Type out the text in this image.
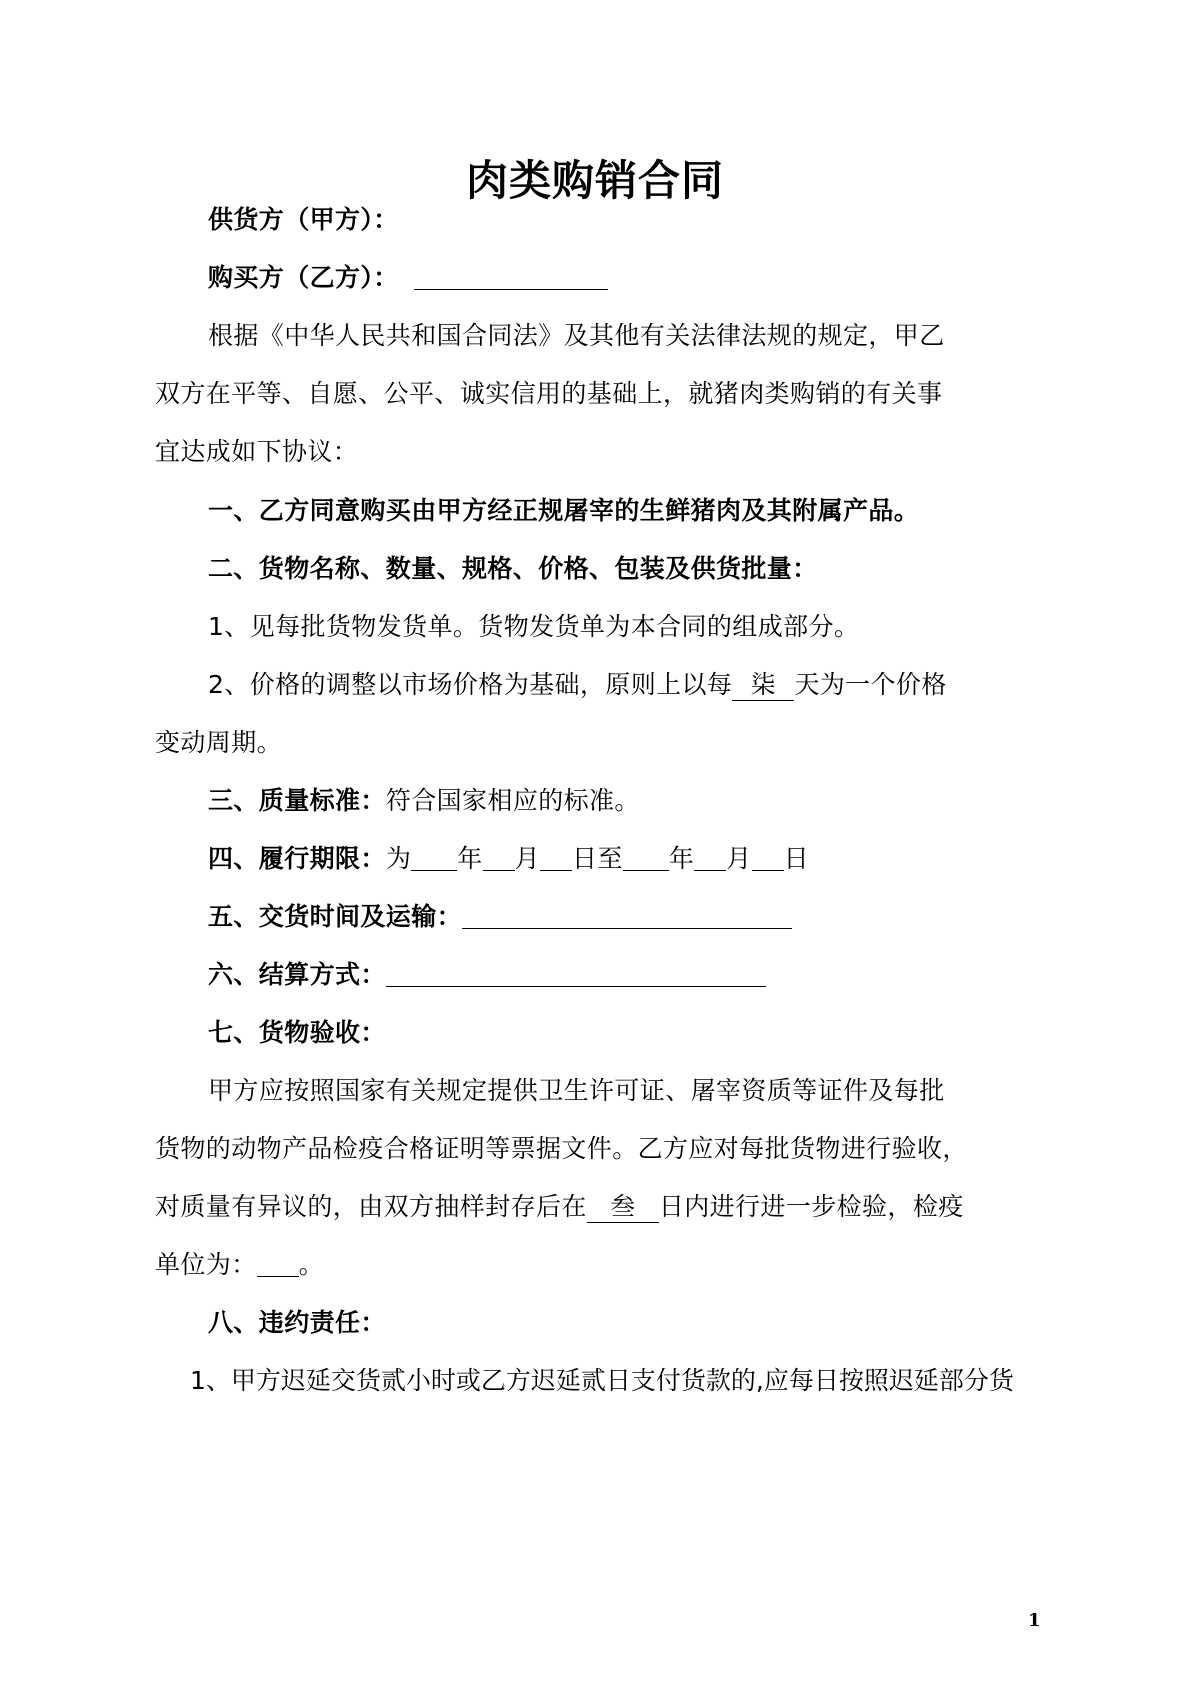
肉类购销合同
供货方（甲方）：
购买方（乙方）：
根据《中华人民共和国合同法》及其他有关法律法规的规定，甲乙
双方在平等、自愿、公平、诚实信用的基础上，就猪肉类购销的有关事
宜达成如下协议：
一、乙方同意购买由甲方经正规屠宰的生鲜猪肉及其附属产品。
二、货物名称、数量、规格、价格、包装及供货批量：
1、见每批货物发货单。货物发货单为本合同的组成部分。
2、价格的调整以市场价格为基础，原则上以每 柒 天为一个价格
变动周期。
三、质量标准：符合国家相应的标准。
四、履行期限：为 年 月 日至 年 月 日
五、交货时间及运输：
六、结算方式：
七、货物验收：
甲方应按照国家有关规定提供卫生许可证、屠宰资质等证件及每批
货物的动物产品检疫合格证明等票据文件。乙方应对每批货物进行验收，
对质量有异议的，由双方抽样封存后在 叁 日内进行进一步检验，检疫
单位为： 。
八、违约责任：
1、甲方迟延交货贰小时或乙方迟延贰日支付货款的,应每日按照迟延部分货
1
